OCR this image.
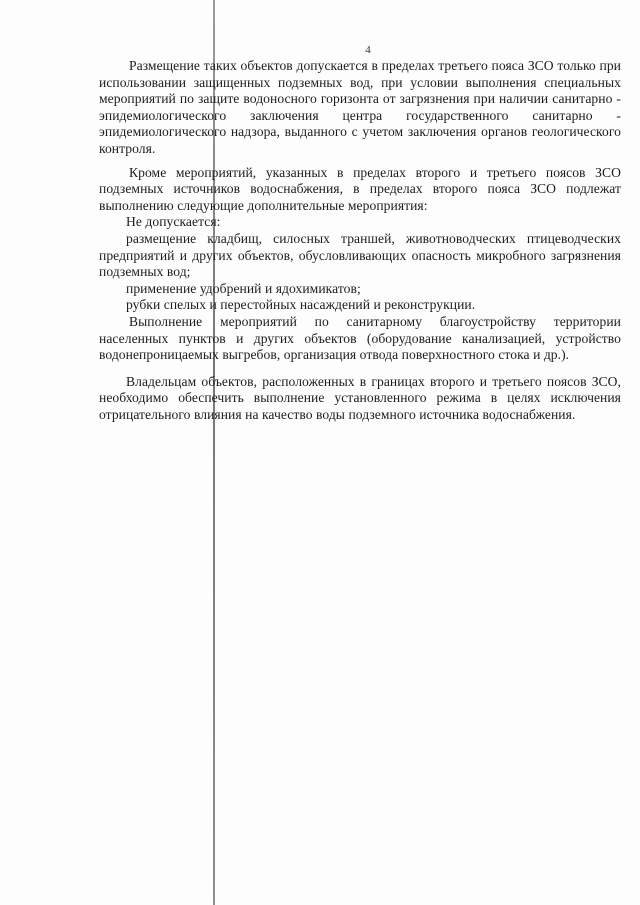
4

Размещение таких объектов допускается в пределах третьего пояса ЗСО только при использовании защищенных подземных вод, при условии выполнения специальных мероприятий по защите водоносного горизонта от загрязнения при наличии санитарно - эпидемиологического заключения центра государственного санитарно - эпидемиологического надзора, выданного с учетом заключения органов геологического контроля.

Кроме мероприятий, указанных в пределах второго и третьего поясов ЗСО подземных источников водоснабжения, в пределах второго пояса ЗСО подлежат выполнению следующие дополнительные мероприятия:

Не допускается:

размещение кладбищ, силосных траншей, животноводческих птицеводческих предприятий и других объектов, обусловливающих опасность микробного загрязнения подземных вод;

применение удобрений и ядохимикатов;

рубки спелых и перестойных насаждений и реконструкции.

Выполнение мероприятий по санитарному благоустройству территории населенных пунктов и других объектов (оборудование канализацией, устройство водонепроницаемых выгребов, организация отвода поверхностного стока и др.).

Владельцам объектов, расположенных в границах второго и третьего поясов ЗСО, необходимо обеспечить выполнение установленного режима в целях исключения отрицательного влияния на качество воды подземного источника водоснабжения.
